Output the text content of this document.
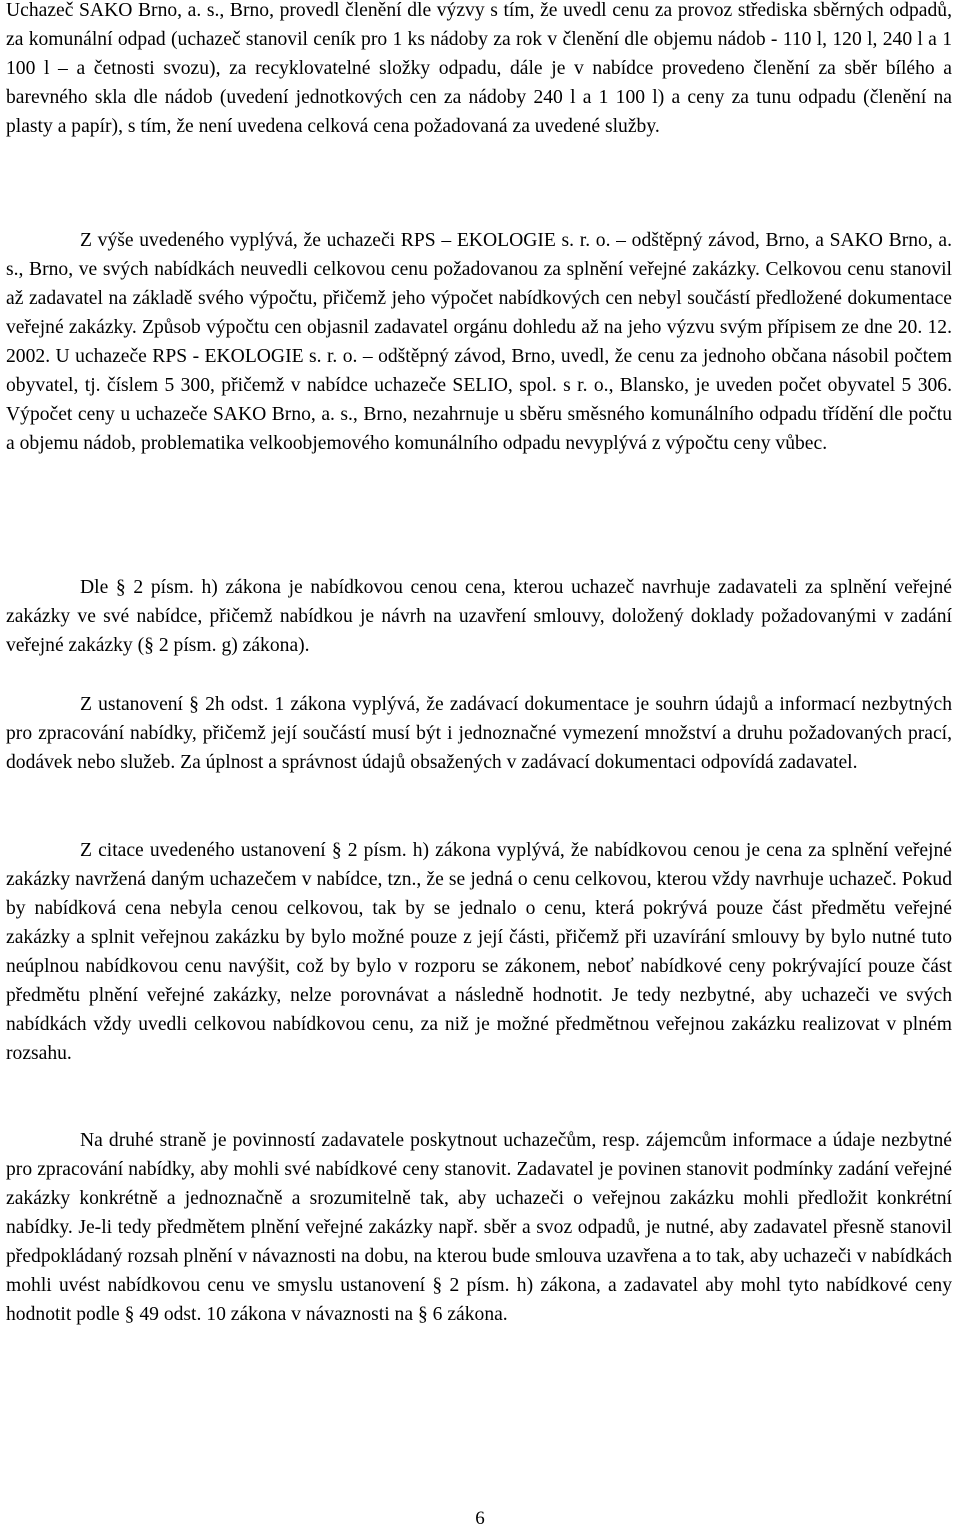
Uchazeč SAKO Brno, a. s., Brno, provedl členění dle výzvy s tím, že uvedl cenu za provoz střediska sběrných odpadů, za komunální odpad (uchazeč stanovil ceník pro 1 ks nádoby za rok v členění dle objemu nádob - 110 l, 120 l, 240 l a 1 100 l – a četnosti svozu), za recyklovatelné složky odpadu, dále je v nabídce provedeno členění za sběr bílého a barevného skla dle nádob (uvedení jednotkových cen za nádoby 240 l a 1 100 l) a ceny za tunu odpadu (členění na plasty a papír), s tím, že není uvedena celková cena požadovaná za uvedené služby.

Z výše uvedeného vyplývá, že uchazeči RPS – EKOLOGIE s. r. o. – odštěpný závod, Brno, a SAKO Brno, a. s., Brno, ve svých nabídkách neuvedli celkovou cenu požadovanou za splnění veřejné zakázky. Celkovou cenu stanovil až zadavatel na základě svého výpočtu, přičemž jeho výpočet nabídkových cen nebyl součástí předložené dokumentace veřejné zakázky. Způsob výpočtu cen objasnil zadavatel orgánu dohledu až na jeho výzvu svým přípisem ze dne 20. 12. 2002. U uchazeče RPS - EKOLOGIE s. r. o. – odštěpný závod, Brno, uvedl, že cenu za jednoho občana násobil počtem obyvatel, tj. číslem 5 300, přičemž v nabídce uchazeče SELIO, spol. s r. o., Blansko, je uveden počet obyvatel 5 306. Výpočet ceny u uchazeče SAKO Brno, a. s., Brno, nezahrnuje u sběru směsného komunálního odpadu třídění dle počtu a objemu nádob, problematika velkoobjemového komunálního odpadu nevyplývá z výpočtu ceny vůbec.

Dle § 2 písm. h) zákona je nabídkovou cenou cena, kterou uchazeč navrhuje zadavateli za splnění veřejné zakázky ve své nabídce, přičemž nabídkou je návrh na uzavření smlouvy, doložený doklady požadovanými v zadání veřejné zakázky (§ 2 písm. g) zákona).

Z ustanovení § 2h odst. 1 zákona vyplývá, že zadávací dokumentace je souhrn údajů a informací nezbytných pro zpracování nabídky, přičemž její součástí musí být i jednoznačné vymezení množství a druhu požadovaných prací, dodávek nebo služeb. Za úplnost a správnost údajů obsažených v zadávací dokumentaci odpovídá zadavatel.

Z citace uvedeného ustanovení § 2 písm. h) zákona vyplývá, že nabídkovou cenou je cena za splnění veřejné zakázky navržená daným uchazečem v nabídce, tzn., že se jedná o cenu celkovou, kterou vždy navrhuje uchazeč. Pokud by nabídková cena nebyla cenou celkovou, tak by se jednalo o cenu, která pokrývá pouze část předmětu veřejné zakázky a splnit veřejnou zakázku by bylo možné pouze z její části, přičemž při uzavírání smlouvy by bylo nutné tuto neúplnou nabídkovou cenu navýšit, což by bylo v rozporu se zákonem, neboť nabídkové ceny pokrývající pouze část předmětu plnění veřejné zakázky, nelze porovnávat a následně hodnotit. Je tedy nezbytné, aby uchazeči ve svých nabídkách vždy uvedli celkovou nabídkovou cenu, za niž je možné předmětnou veřejnou zakázku realizovat v plném rozsahu.

Na druhé straně je povinností zadavatele poskytnout uchazečům, resp. zájemcům informace a údaje nezbytné pro zpracování nabídky, aby mohli své nabídkové ceny stanovit. Zadavatel je povinen stanovit podmínky zadání veřejné zakázky konkrétně a jednoznačně a srozumitelně tak, aby uchazeči o veřejnou zakázku mohli předložit konkrétní nabídky. Je-li tedy předmětem plnění veřejné zakázky např. sběr a svoz odpadů, je nutné, aby zadavatel přesně stanovil předpokládaný rozsah plnění v návaznosti na dobu, na kterou bude smlouva uzavřena a to tak, aby uchazeči v nabídkách mohli uvést nabídkovou cenu ve smyslu ustanovení § 2 písm. h) zákona, a zadavatel aby mohl tyto nabídkové ceny hodnotit podle § 49 odst. 10 zákona v návaznosti na § 6 zákona.

6
